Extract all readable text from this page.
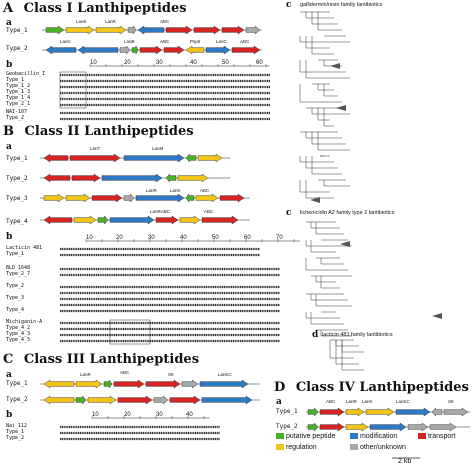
A Class I Lanthipeptides
a
Type_1
Type_2
b
LanK	LanR	ABC
LanC	LanB	ABC	PspII	LanC	ABC
10	20	30	40	50	60
Geobacillin_I
Type_1
Type_1_2
Type_1_3
Type_1_4
Type_2_1
NAI-107
Type_2
B Class II Lanthipeptides
a
Type_1
Type_2
Type_3
Type_4
b
LanT	LanM
LanR	LanK	ABC
LanRABC	ABC
10	20	30	40	50	60	70
Lacticin 481
Type_1
BLD 1648
Type_2_7
Type_2
Type_3
Type_4
Michiganin-A
Type_4_2
Type_4_3
Type_4_5
C Class III Lanthipeptides
a
Type_1
Type_2
b
LanR	ABC	S9	LanKC
10	20	30	40
Nai_112
Type_1
Type_2
D Class IV Lanthipeptides
a
Type_1
Type_2
ABC LanR LanK	LanKC	S9
c gallidermin/nisin family lantibiotics
c lichenicidin A2 family type 2 lantibiotics
d lacticin 481 family lantibiotics
putative peptide	modification	transport
regulation	other/unknown
2 kb
